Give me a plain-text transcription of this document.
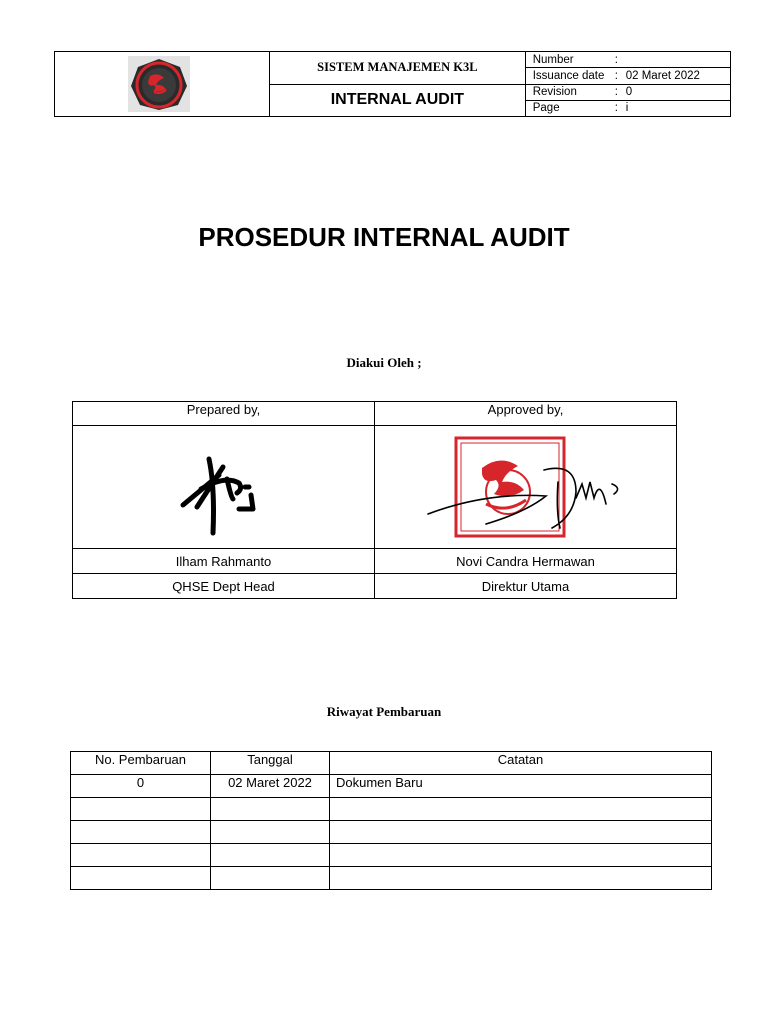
	SISTEM MANAJEMEN K3L	Number :
		Issuance date : 02 Maret 2022
	INTERNAL AUDIT	Revision : 0
		Page : i
PROSEDUR INTERNAL AUDIT
Diakui Oleh ;
Prepared by,	Approved by,

Ilham Rahmanto	Novi Candra Hermawan
QHSE Dept Head	Direktur Utama
Riwayat Pembaruan
No. Pembaruan	Tanggal	Catatan
0	02 Maret 2022	Dokumen Baru
